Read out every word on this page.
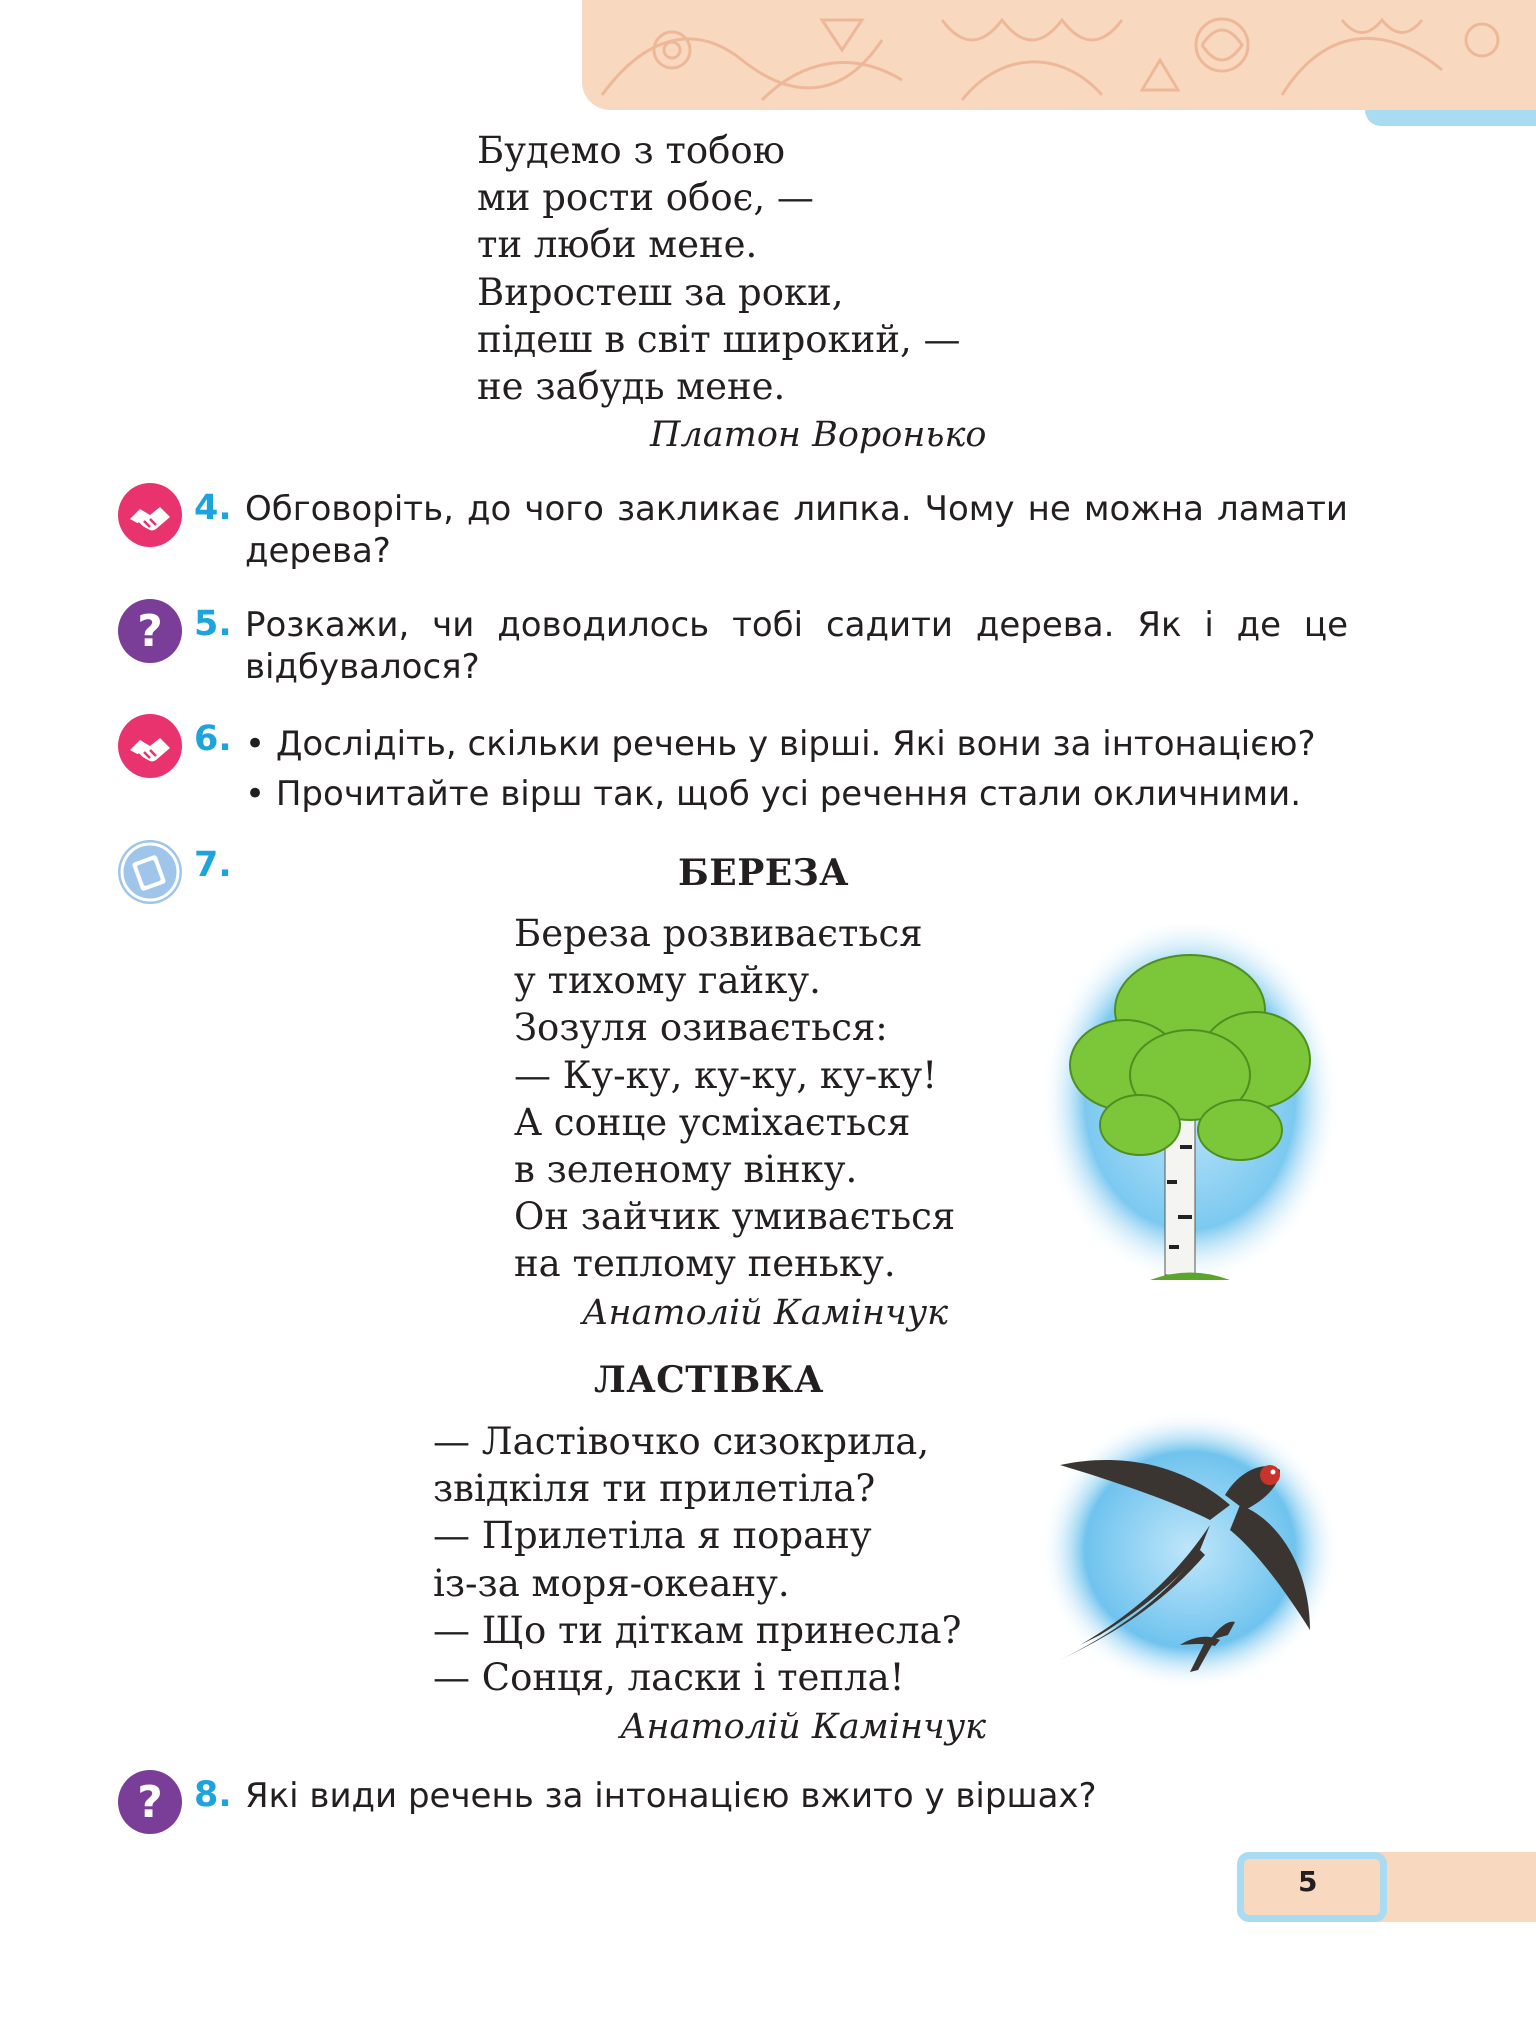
Будемо з тобою
ми рости обоє, —
ти люби мене.
Виростеш за роки,
підеш в світ широкий, —
не забудь мене.
Платон Воронько
4. Обговоріть, до чого закликає липка. Чому не можна ламати дерева?
? 5. Розкажи, чи доводилось тобі садити дерева. Як і де це відбувалося?
6. • Дослідіть, скільки речень у вірші. Які вони за інтонацією?
• Прочитайте вірш так, щоб усі речення стали окличними.
7.	БЕРЕЗА
Береза розвивається
у тихому гайку.
Зозуля озивається:
— Ку-ку, ку-ку, ку-ку!
А сонце усміхається
в зеленому вінку.
Он зайчик умивається
на теплому пеньку.
Анатолій Камінчук
ЛАСТІВКА
— Ластівочко сизокрила,
звідкіля ти прилетіла?
— Прилетіла я порану
із-за моря-океану.
— Що ти діткам принесла?
— Сонця, ласки і тепла!
Анатолій Камінчук
? 8. Які види речень за інтонацією вжито у віршах?
5
